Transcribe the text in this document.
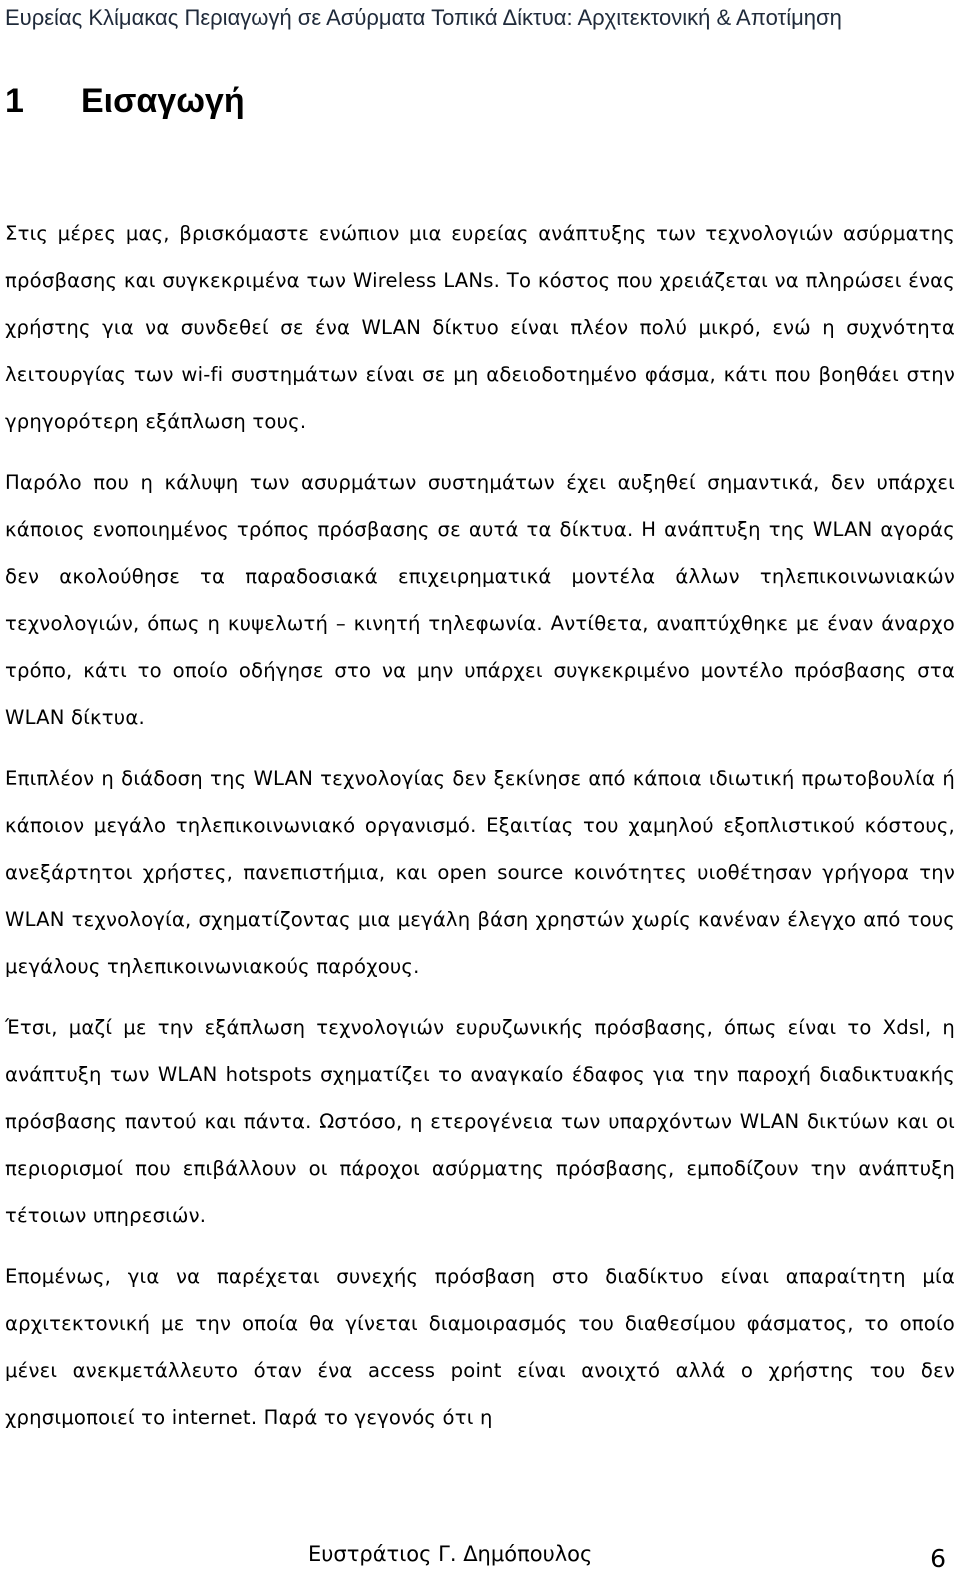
Ευρείας Κλίμακας Περιαγωγή σε Ασύρματα Τοπικά Δίκτυα: Αρχιτεκτονική & Αποτίμηση
1 Εισαγωγή

Στις μέρες μας, βρισκόμαστε ενώπιον μια ευρείας ανάπτυξης των τεχνολογιών ασύρματης πρόσβασης και συγκεκριμένα των Wireless LANs. Το κόστος που χρειάζεται να πληρώσει ένας χρήστης για να συνδεθεί σε ένα WLAN δίκτυο είναι πλέον πολύ μικρό, ενώ η συχνότητα λειτουργίας των wi-fi συστημάτων είναι σε μη αδειοδοτημένο φάσμα, κάτι που βοηθάει στην γρηγορότερη εξάπλωση τους.

Παρόλο που η κάλυψη των ασυρμάτων συστημάτων έχει αυξηθεί σημαντικά, δεν υπάρχει κάποιος ενοποιημένος τρόπος πρόσβασης σε αυτά τα δίκτυα. Η ανάπτυξη της WLAN αγοράς δεν ακολούθησε τα παραδοσιακά επιχειρηματικά μοντέλα άλλων τηλεπικοινωνιακών τεχνολογιών, όπως η κυψελωτή – κινητή τηλεφωνία. Αντίθετα, αναπτύχθηκε με έναν άναρχο τρόπο, κάτι το οποίο οδήγησε στο να μην υπάρχει συγκεκριμένο μοντέλο πρόσβασης στα WLAN δίκτυα.

Επιπλέον η διάδοση της WLAN τεχνολογίας δεν ξεκίνησε από κάποια ιδιωτική πρωτοβουλία ή κάποιον μεγάλο τηλεπικοινωνιακό οργανισμό. Εξαιτίας του χαμηλού εξοπλιστικού κόστους, ανεξάρτητοι χρήστες, πανεπιστήμια, και open source κοινότητες υιοθέτησαν γρήγορα την WLAN τεχνολογία, σχηματίζοντας μια μεγάλη βάση χρηστών χωρίς κανέναν έλεγχο από τους μεγάλους τηλεπικοινωνιακούς παρόχους.

Έτσι, μαζί με την εξάπλωση τεχνολογιών ευρυζωνικής πρόσβασης, όπως είναι το Xdsl, η ανάπτυξη των WLAN hotspots σχηματίζει το αναγκαίο έδαφος για την παροχή διαδικτυακής πρόσβασης παντού και πάντα. Ωστόσο, η ετερογένεια των υπαρχόντων WLAN δικτύων και οι περιορισμοί που επιβάλλουν οι πάροχοι ασύρματης πρόσβασης, εμποδίζουν την ανάπτυξη τέτοιων υπηρεσιών.

Επομένως, για να παρέχεται συνεχής πρόσβαση στο διαδίκτυο είναι απαραίτητη μία αρχιτεκτονική με την οποία θα γίνεται διαμοιρασμός του διαθεσίμου φάσματος, το οποίο μένει ανεκμετάλλευτο όταν ένα access point είναι ανοιχτό αλλά ο χρήστης του δεν χρησιμοποιεί το internet. Παρά το γεγονός ότι η

Ευστράτιος Γ. Δημόπουλος	6
